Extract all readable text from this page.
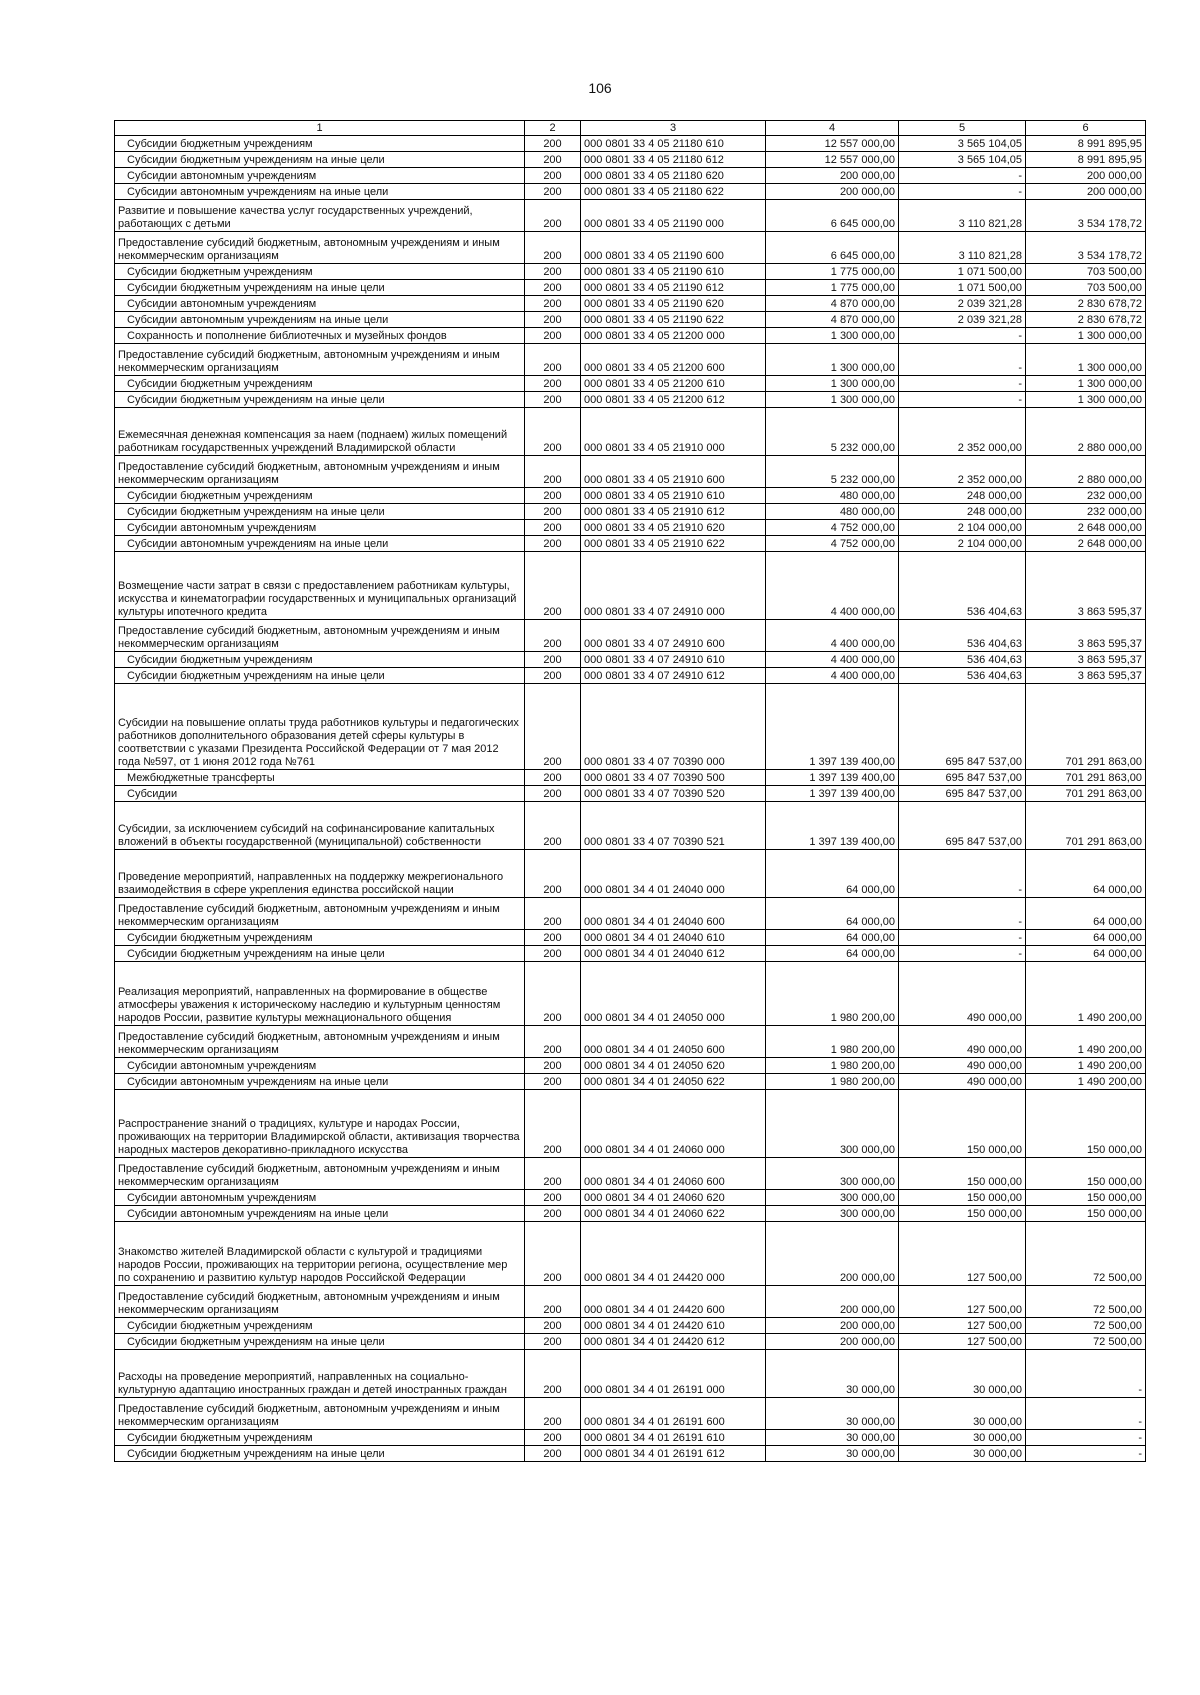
106
1	2	3	4	5	6
Субсидии бюджетным учреждениям	200	000 0801 33 4 05 21180 610	12 557 000,00	3 565 104,05	8 991 895,95
Субсидии бюджетным учреждениям на иные цели	200	000 0801 33 4 05 21180 612	12 557 000,00	3 565 104,05	8 991 895,95
Субсидии автономным учреждениям	200	000 0801 33 4 05 21180 620	200 000,00	-	200 000,00
Субсидии автономным учреждениям на иные цели	200	000 0801 33 4 05 21180 622	200 000,00	-	200 000,00
Развитие и повышение качества услуг государственных учреждений, работающих с детьми	200	000 0801 33 4 05 21190 000	6 645 000,00	3 110 821,28	3 534 178,72
Предоставление субсидий бюджетным, автономным учреждениям и иным некоммерческим организациям	200	000 0801 33 4 05 21190 600	6 645 000,00	3 110 821,28	3 534 178,72
Субсидии бюджетным учреждениям	200	000 0801 33 4 05 21190 610	1 775 000,00	1 071 500,00	703 500,00
Субсидии бюджетным учреждениям на иные цели	200	000 0801 33 4 05 21190 612	1 775 000,00	1 071 500,00	703 500,00
Субсидии автономным учреждениям	200	000 0801 33 4 05 21190 620	4 870 000,00	2 039 321,28	2 830 678,72
Субсидии автономным учреждениям на иные цели	200	000 0801 33 4 05 21190 622	4 870 000,00	2 039 321,28	2 830 678,72
Сохранность и пополнение библиотечных и музейных фондов	200	000 0801 33 4 05 21200 000	1 300 000,00	-	1 300 000,00
Предоставление субсидий бюджетным, автономным учреждениям и иным некоммерческим организациям	200	000 0801 33 4 05 21200 600	1 300 000,00	-	1 300 000,00
Субсидии бюджетным учреждениям	200	000 0801 33 4 05 21200 610	1 300 000,00	-	1 300 000,00
Субсидии бюджетным учреждениям на иные цели	200	000 0801 33 4 05 21200 612	1 300 000,00	-	1 300 000,00
Ежемесячная денежная компенсация за наем (поднаем) жилых помещений работникам государственных учреждений Владимирской области	200	000 0801 33 4 05 21910 000	5 232 000,00	2 352 000,00	2 880 000,00
Предоставление субсидий бюджетным, автономным учреждениям и иным некоммерческим организациям	200	000 0801 33 4 05 21910 600	5 232 000,00	2 352 000,00	2 880 000,00
Субсидии бюджетным учреждениям	200	000 0801 33 4 05 21910 610	480 000,00	248 000,00	232 000,00
Субсидии бюджетным учреждениям на иные цели	200	000 0801 33 4 05 21910 612	480 000,00	248 000,00	232 000,00
Субсидии автономным учреждениям	200	000 0801 33 4 05 21910 620	4 752 000,00	2 104 000,00	2 648 000,00
Субсидии автономным учреждениям на иные цели	200	000 0801 33 4 05 21910 622	4 752 000,00	2 104 000,00	2 648 000,00
Возмещение части затрат в связи с предоставлением работникам культуры, искусства и кинематографии государственных и муниципальных организаций культуры ипотечного кредита	200	000 0801 33 4 07 24910 000	4 400 000,00	536 404,63	3 863 595,37
Предоставление субсидий бюджетным, автономным учреждениям и иным некоммерческим организациям	200	000 0801 33 4 07 24910 600	4 400 000,00	536 404,63	3 863 595,37
Субсидии бюджетным учреждениям	200	000 0801 33 4 07 24910 610	4 400 000,00	536 404,63	3 863 595,37
Субсидии бюджетным учреждениям на иные цели	200	000 0801 33 4 07 24910 612	4 400 000,00	536 404,63	3 863 595,37
Субсидии на повышение оплаты труда работников культуры и педагогических работников дополнительного образования детей сферы культуры в соответствии с указами Президента Российской Федерации от 7 мая 2012 года №597, от 1 июня 2012 года №761	200	000 0801 33 4 07 70390 000	1 397 139 400,00	695 847 537,00	701 291 863,00
Межбюджетные трансферты	200	000 0801 33 4 07 70390 500	1 397 139 400,00	695 847 537,00	701 291 863,00
Субсидии	200	000 0801 33 4 07 70390 520	1 397 139 400,00	695 847 537,00	701 291 863,00
Субсидии, за исключением субсидий на софинансирование капитальных вложений в объекты государственной (муниципальной) собственности	200	000 0801 33 4 07 70390 521	1 397 139 400,00	695 847 537,00	701 291 863,00
Проведение мероприятий, направленных на поддержку межрегионального взаимодействия в сфере укрепления единства российской нации	200	000 0801 34 4 01 24040 000	64 000,00	-	64 000,00
Предоставление субсидий бюджетным, автономным учреждениям и иным некоммерческим организациям	200	000 0801 34 4 01 24040 600	64 000,00	-	64 000,00
Субсидии бюджетным учреждениям	200	000 0801 34 4 01 24040 610	64 000,00	-	64 000,00
Субсидии бюджетным учреждениям на иные цели	200	000 0801 34 4 01 24040 612	64 000,00	-	64 000,00
Реализация мероприятий, направленных на формирование в обществе атмосферы уважения к историческому наследию и культурным ценностям народов России, развитие культуры межнационального общения	200	000 0801 34 4 01 24050 000	1 980 200,00	490 000,00	1 490 200,00
Предоставление субсидий бюджетным, автономным учреждениям и иным некоммерческим организациям	200	000 0801 34 4 01 24050 600	1 980 200,00	490 000,00	1 490 200,00
Субсидии автономным учреждениям	200	000 0801 34 4 01 24050 620	1 980 200,00	490 000,00	1 490 200,00
Субсидии автономным учреждениям на иные цели	200	000 0801 34 4 01 24050 622	1 980 200,00	490 000,00	1 490 200,00
Распространение знаний о традициях, культуре и народах России, проживающих на территории Владимирской области, активизация творчества народных мастеров декоративно-прикладного искусства	200	000 0801 34 4 01 24060 000	300 000,00	150 000,00	150 000,00
Предоставление субсидий бюджетным, автономным учреждениям и иным некоммерческим организациям	200	000 0801 34 4 01 24060 600	300 000,00	150 000,00	150 000,00
Субсидии автономным учреждениям	200	000 0801 34 4 01 24060 620	300 000,00	150 000,00	150 000,00
Субсидии автономным учреждениям на иные цели	200	000 0801 34 4 01 24060 622	300 000,00	150 000,00	150 000,00
Знакомство жителей Владимирской области с культурой и традициями народов России, проживающих на территории региона, осуществление мер по сохранению и развитию культур народов Российской Федерации	200	000 0801 34 4 01 24420 000	200 000,00	127 500,00	72 500,00
Предоставление субсидий бюджетным, автономным учреждениям и иным некоммерческим организациям	200	000 0801 34 4 01 24420 600	200 000,00	127 500,00	72 500,00
Субсидии бюджетным учреждениям	200	000 0801 34 4 01 24420 610	200 000,00	127 500,00	72 500,00
Субсидии бюджетным учреждениям на иные цели	200	000 0801 34 4 01 24420 612	200 000,00	127 500,00	72 500,00
Расходы на проведение мероприятий, направленных на социально-культурную адаптацию иностранных граждан и детей иностранных граждан	200	000 0801 34 4 01 26191 000	30 000,00	30 000,00	-
Предоставление субсидий бюджетным, автономным учреждениям и иным некоммерческим организациям	200	000 0801 34 4 01 26191 600	30 000,00	30 000,00	-
Субсидии бюджетным учреждениям	200	000 0801 34 4 01 26191 610	30 000,00	30 000,00	-
Субсидии бюджетным учреждениям на иные цели	200	000 0801 34 4 01 26191 612	30 000,00	30 000,00	-
